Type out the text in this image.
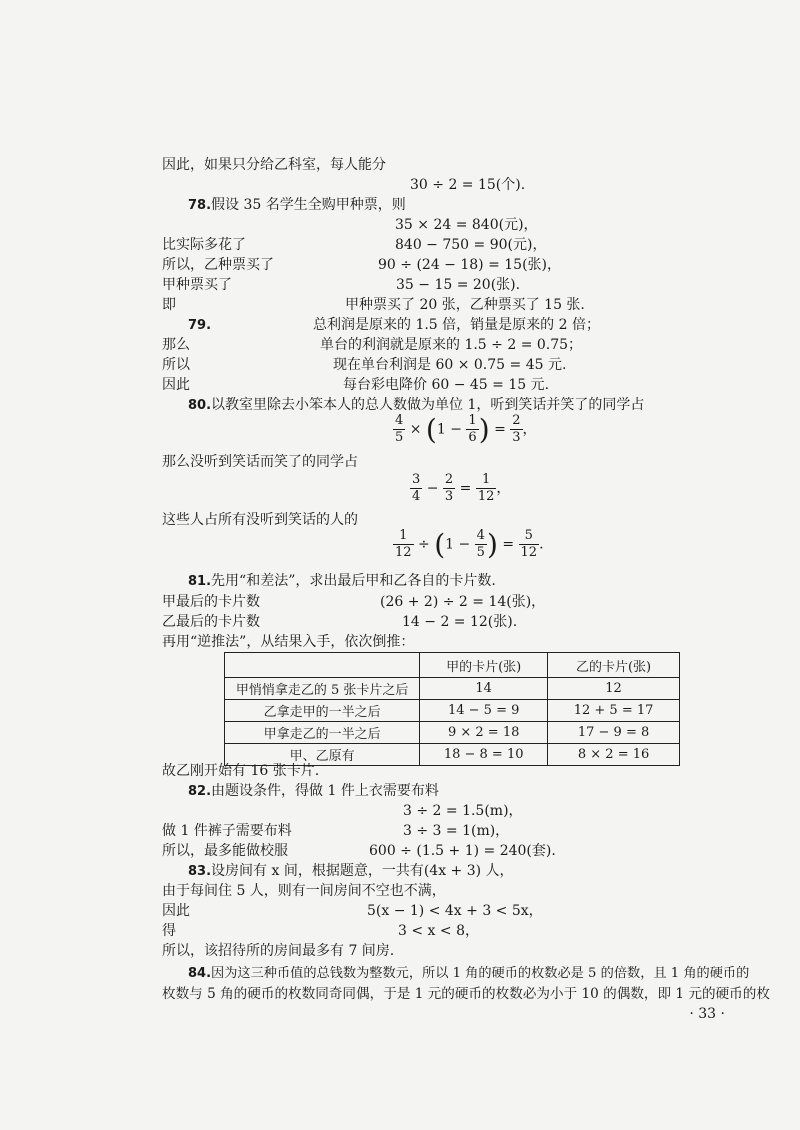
因此，如果只分给乙科室，每人能分
30 ÷ 2 = 15(个).
78.假设 35 名学生全购甲种票，则
35 × 24 = 840(元)，
比实际多花了	840 − 750 = 90(元)，
所以，乙种票买了	90 ÷ (24 − 18) = 15(张)，
甲种票买了	35 − 15 = 20(张).
即	甲种票买了 20 张，乙种票买了 15 张.
79.	总利润是原来的 1.5 倍，销量是原来的 2 倍；
那么	单台的利润就是原来的 1.5 ÷ 2 = 0.75；
所以	现在单台利润是 60 × 0.75 = 45 元.
因此	每台彩电降价 60 − 45 = 15 元.
80.以教室里除去小笨本人的总人数做为单位 1，听到笑话并笑了的同学占
$\frac{4}{5} \times (1 - \frac{1}{6}$ ) = $\frac{2}{3}$ ，
那么没听到笑话而笑了的同学占
$\frac{3}{4} - \frac{2}{3} = \frac{1}{12}$ ，
这些人占所有没听到笑话的人的
$\frac{1}{12} \div (1 - \frac{4}{5}$ ) = $\frac{5}{12}$ .
81.先用“和差法”，求出最后甲和乙各自的卡片数.
甲最后的卡片数	(26 + 2) ÷ 2 = 14(张)，
乙最后的卡片数	14 − 2 = 12(张).
再用“逆推法”，从结果入手，依次倒推：
	甲的卡片(张)	乙的卡片(张)
甲悄悄拿走乙的 5 张卡片之后	14	12
乙拿走甲的一半之后	14 − 5 = 9	12 + 5 = 17
甲拿走乙的一半之后	9 × 2 = 18	17 − 9 = 8
甲、乙原有	18 − 8 = 10	8 × 2 = 16
故乙刚开始有 16 张卡片.
82.由题设条件，得做 1 件上衣需要布料
3 ÷ 2 = 1.5(m)，
做 1 件裤子需要布料	3 ÷ 3 = 1(m)，
所以，最多能做校服	600 ÷ (1.5 + 1) = 240(套).
83.设房间有 x 间，根据题意，一共有(4x + 3) 人，
由于每间住 5 人，则有一间房间不空也不满，
因此	5(x − 1) < 4x + 3 < 5x，
得	3 < x < 8，
所以，该招待所的房间最多有 7 间房.
84.因为这三种币值的总钱数为整数元，所以 1 角的硬币的枚数必是 5 的倍数，且 1 角的硬币的
枚数与 5 角的硬币的枚数同奇同偶，于是 1 元的硬币的枚数必为小于 10 的偶数，即 1 元的硬币的枚
· 33 ·
